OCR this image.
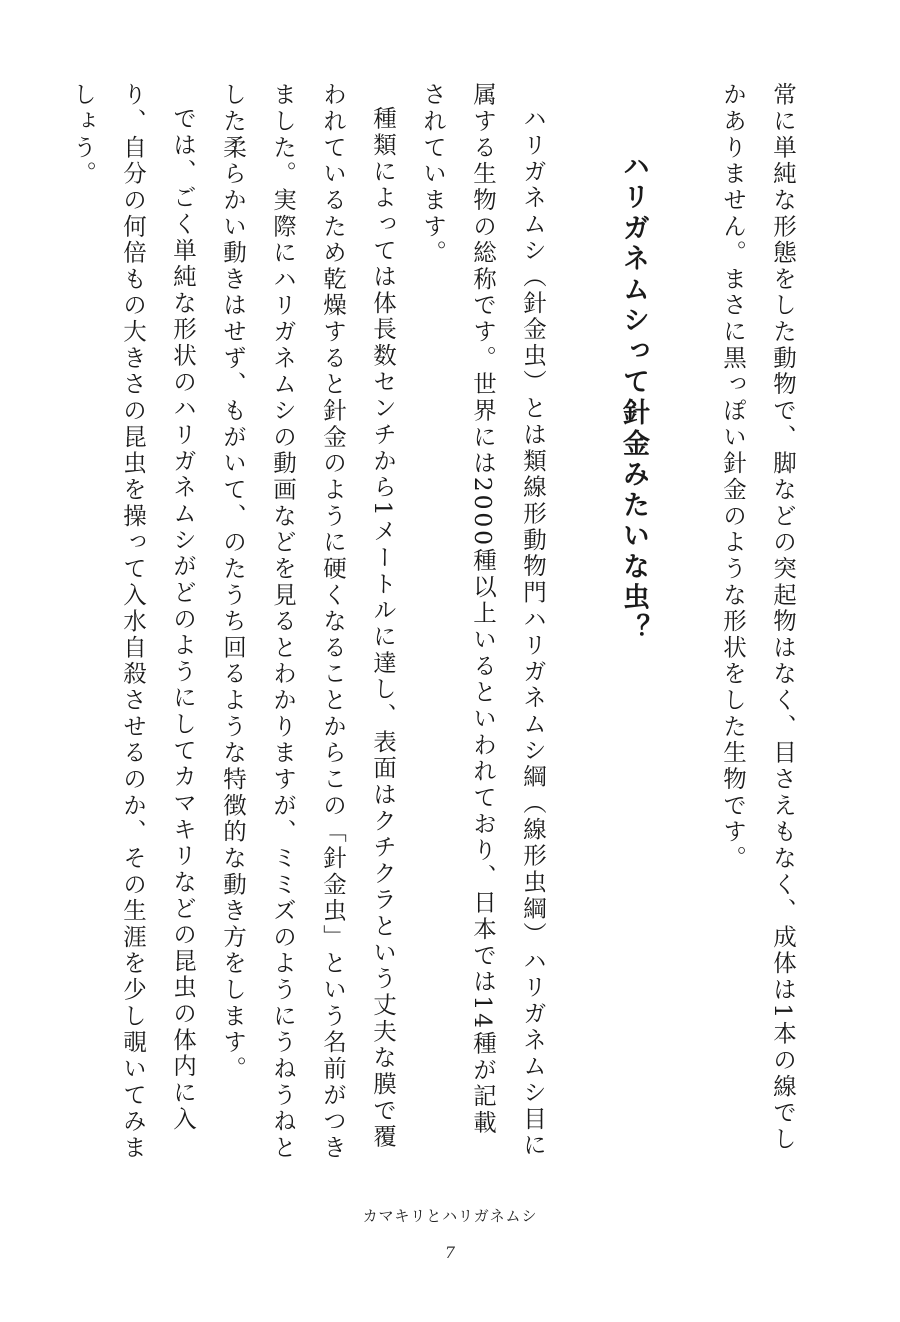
常に単純な形態をした動物で、脚などの突起物はなく、目さえもなく、成体は1本の線でしかありません。まさに黒っぽい針金のような形状をした生物です。

ハリガネムシって針金みたいな虫？

ハリガネムシ（針金虫）とは類線形動物門ハリガネムシ綱（線形虫綱）ハリガネムシ目に属する生物の総称です。世界には2000種以上いるといわれており、日本では14種が記載されています。

種類によっては体長数センチから1メートルに達し、表面はクチクラという丈夫な膜で覆われているため乾燥すると針金のように硬くなることからこの「針金虫」という名前がつきました。実際にハリガネムシの動画などを見るとわかりますが、ミミズのようにうねうねとした柔らかい動きはせず、もがいて、のたうち回るような特徴的な動き方をします。

では、ごく単純な形状のハリガネムシがどのようにしてカマキリなどの昆虫の体内に入り、自分の何倍もの大きさの昆虫を操って入水自殺させるのか、その生涯を少し覗いてみましょう。

カマキリとハリガネムシ
7
